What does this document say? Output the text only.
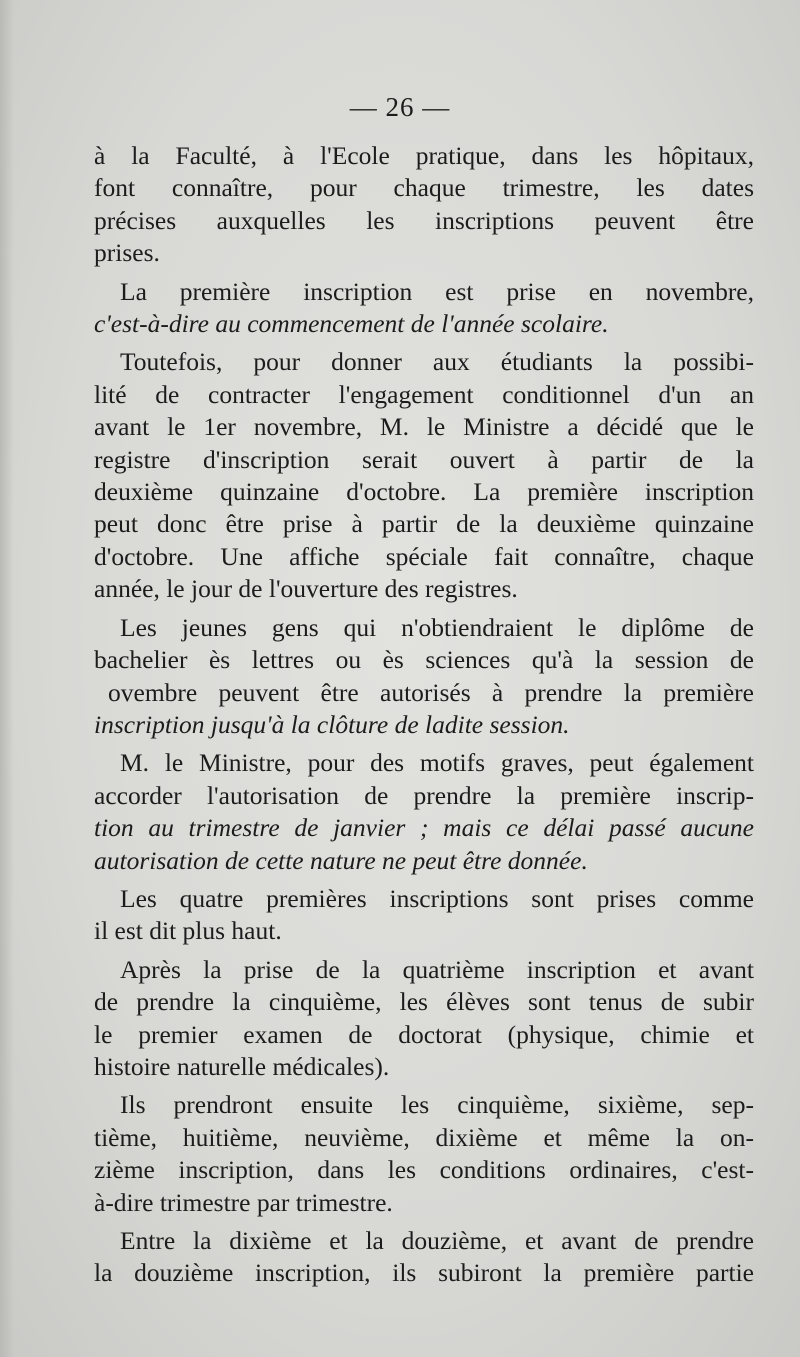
— 26 —

à la Faculté, à l'Ecole pratique, dans les hôpitaux,
font connaître, pour chaque trimestre, les dates
précises auxquelles les inscriptions peuvent être
prises.

La première inscription est prise en novembre,
c'est-à-dire au commencement de l'année scolaire.

Toutefois, pour donner aux étudiants la possibi-
lité de contracter l'engagement conditionnel d'un an
avant le 1er novembre, M. le Ministre a décidé que le
registre d'inscription serait ouvert à partir de la
deuxième quinzaine d'octobre. La première inscription
peut donc être prise à partir de la deuxième quinzaine
d'octobre. Une affiche spéciale fait connaître, chaque
année, le jour de l'ouverture des registres.

Les jeunes gens qui n'obtiendraient le diplôme de
bachelier ès lettres ou ès sciences qu'à la session de
ovembre peuvent être autorisés à prendre la première
inscription jusqu'à la clôture de ladite session.

M. le Ministre, pour des motifs graves, peut également
accorder l'autorisation de prendre la première inscrip-
tion au trimestre de janvier ; mais ce délai passé aucune
autorisation de cette nature ne peut être donnée.

Les quatre premières inscriptions sont prises comme
il est dit plus haut.

Après la prise de la quatrième inscription et avant
de prendre la cinquième, les élèves sont tenus de subir
le premier examen de doctorat (physique, chimie et
histoire naturelle médicales).

Ils prendront ensuite les cinquième, sixième, sep-
tième, huitième, neuvième, dixième et même la on-
zième inscription, dans les conditions ordinaires, c'est-
à-dire trimestre par trimestre.

Entre la dixième et la douzième, et avant de prendre
la douzième inscription, ils subiront la première partie
